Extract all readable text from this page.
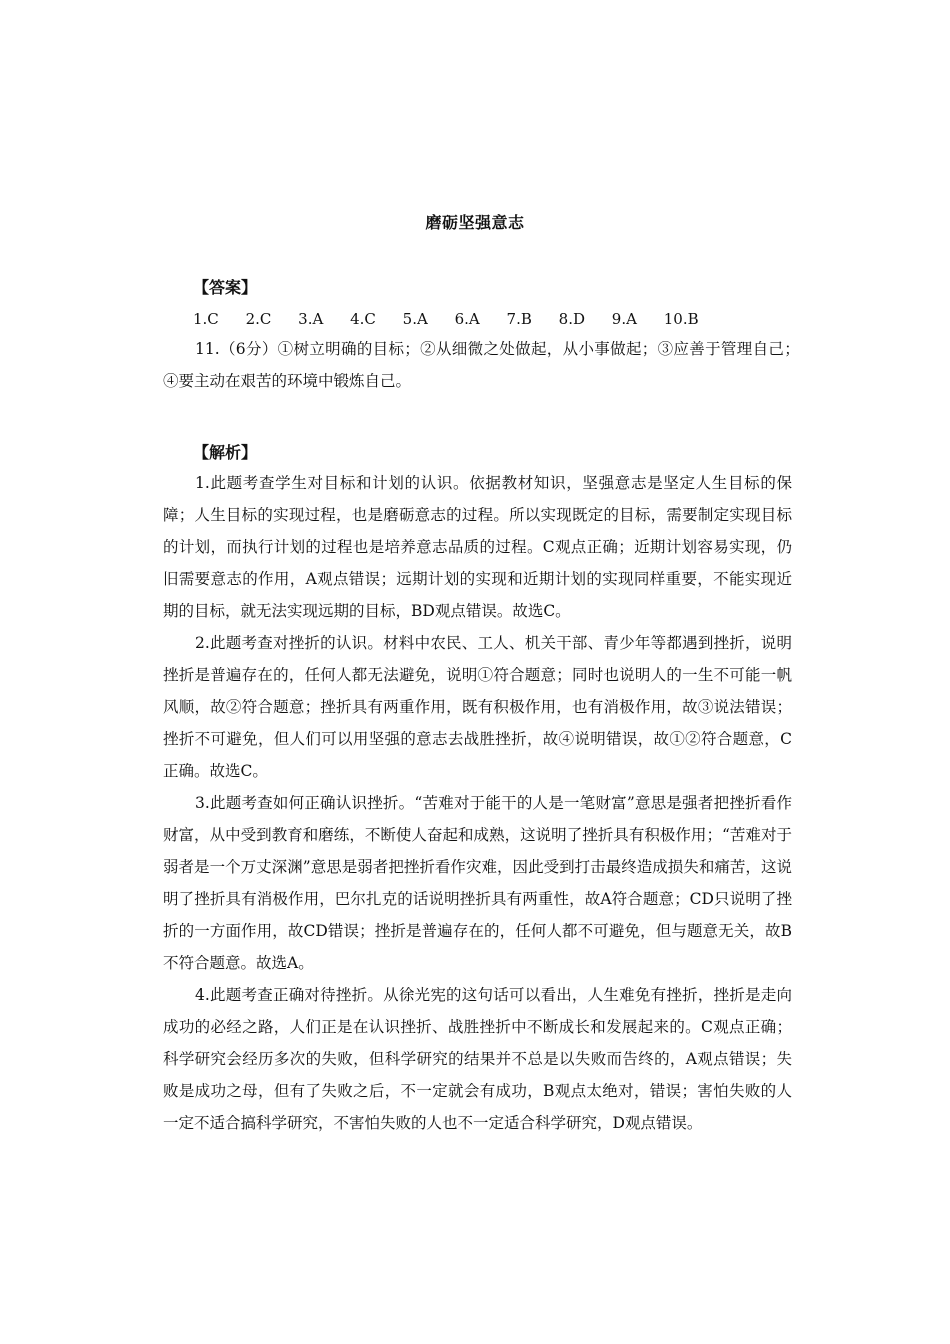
磨砺坚强意志
【答案】
1.C 2.C 3.A 4.C 5.A 6.A 7.B 8.D 9.A 10.B

11.（6分）①树立明确的目标；②从细微之处做起，从小事做起；③应善于管理自己；　④要主动在艰苦的环境中锻炼自己。

【解析】

1.此题考查学生对目标和计划的认识。依据教材知识，坚强意志是坚定人生目标的保障；人生目标的实现过程，也是磨砺意志的过程。所以实现既定的目标，需要制定实现目标的计划，而执行计划的过程也是培养意志品质的过程。C观点正确；近期计划容易实现，仍旧需要意志的作用，A观点错误；远期计划的实现和近期计划的实现同样重要，不能实现近期的目标，就无法实现远期的目标，BD观点错误。故选C。

2.此题考查对挫折的认识。材料中农民、工人、机关干部、青少年等都遇到挫折，说明挫折是普遍存在的，任何人都无法避免，说明①符合题意；同时也说明人的一生不可能一帆风顺，故②符合题意；挫折具有两重作用，既有积极作用，也有消极作用，故③说法错误；挫折不可避免，但人们可以用坚强的意志去战胜挫折，故④说明错误，故①②符合题意，C正确。故选C。

3.此题考查如何正确认识挫折。“苦难对于能干的人是一笔财富”意思是强者把挫折看作财富，从中受到教育和磨练，不断使人奋起和成熟，这说明了挫折具有积极作用；“苦难对于弱者是一个万丈深渊”意思是弱者把挫折看作灾难，因此受到打击最终造成损失和痛苦，这说明了挫折具有消极作用，巴尔扎克的话说明挫折具有两重性，故A符合题意；CD只说明了挫折的一方面作用，故CD错误；挫折是普遍存在的，任何人都不可避免，但与题意无关，故B不符合题意。故选A。

4.此题考查正确对待挫折。从徐光宪的这句话可以看出，人生难免有挫折，挫折是走向成功的必经之路，人们正是在认识挫折、战胜挫折中不断成长和发展起来的。C观点正确；科学研究会经历多次的失败，但科学研究的结果并不总是以失败而告终的，A观点错误；失败是成功之母，但有了失败之后，不一定就会有成功，B观点太绝对，错误；害怕失败的人一定不适合搞科学研究，不害怕失败的人也不一定适合科学研究，D观点错误。
